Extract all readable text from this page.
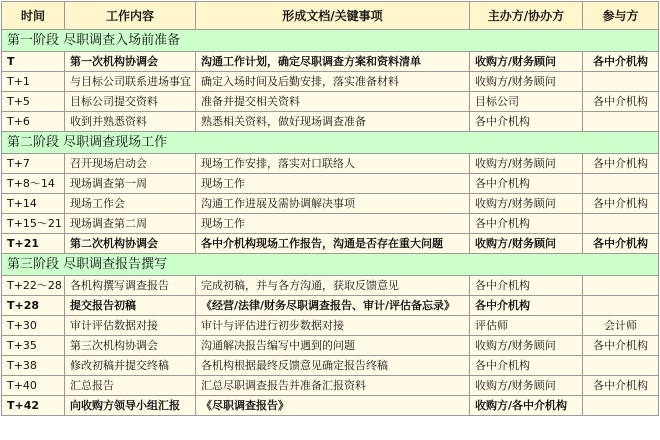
时间	工作内容	形成文档/关键事项	主办方/协办方	参与方
第一阶段 尽职调查入场前准备				
T	第一次机构协调会	沟通工作计划，确定尽职调查方案和资料清单	收购方/财务顾问	各中介机构
T+1	与目标公司联系进场事宜	确定入场时间及后勤安排，落实准备材料	收购方/财务顾问	
T+5	目标公司提交资料	准备并提交相关资料	目标公司	各中介机构
T+6	收到并熟悉资料	熟悉相关资料，做好现场调查准备	各中介机构	
第二阶段 尽职调查现场工作				
T+7	召开现场启动会	现场工作安排，落实对口联络人	收购方/财务顾问	各中介机构
T+8～14	现场调查第一周	现场工作	各中介机构	
T+14	现场工作会	沟通工作进展及需协调解决事项	收购方/财务顾问	各中介机构
T+15～21	现场调查第二周	现场工作	各中介机构	
T+21	第二次机构协调会	各中介机构现场工作报告，沟通是否存在重大问题	收购方/财务顾问	各中介机构
第三阶段 尽职调查报告撰写				
T+22～28	各机构撰写调查报告	完成初稿，并与各方沟通，获取反馈意见	各中介机构	
T+28	提交报告初稿	《经营/法律/财务尽职调查报告、审计/评估备忘录》	各中介机构	
T+30	审计评估数据对接	审计与评估进行初步数据对接	评估师	会计师
T+35	第三次机构协调会	沟通解决报告编写中遇到的问题	收购方/财务顾问	各中介机构
T+38	修改初稿并提交终稿	各机构根据最终反馈意见确定报告终稿	各中介机构	
T+40	汇总报告	汇总尽职调查报告并准备汇报资料	收购方/财务顾问	各中介机构
T+42	向收购方领导小组汇报	《尽职调查报告》	收购方/各中介机构	
